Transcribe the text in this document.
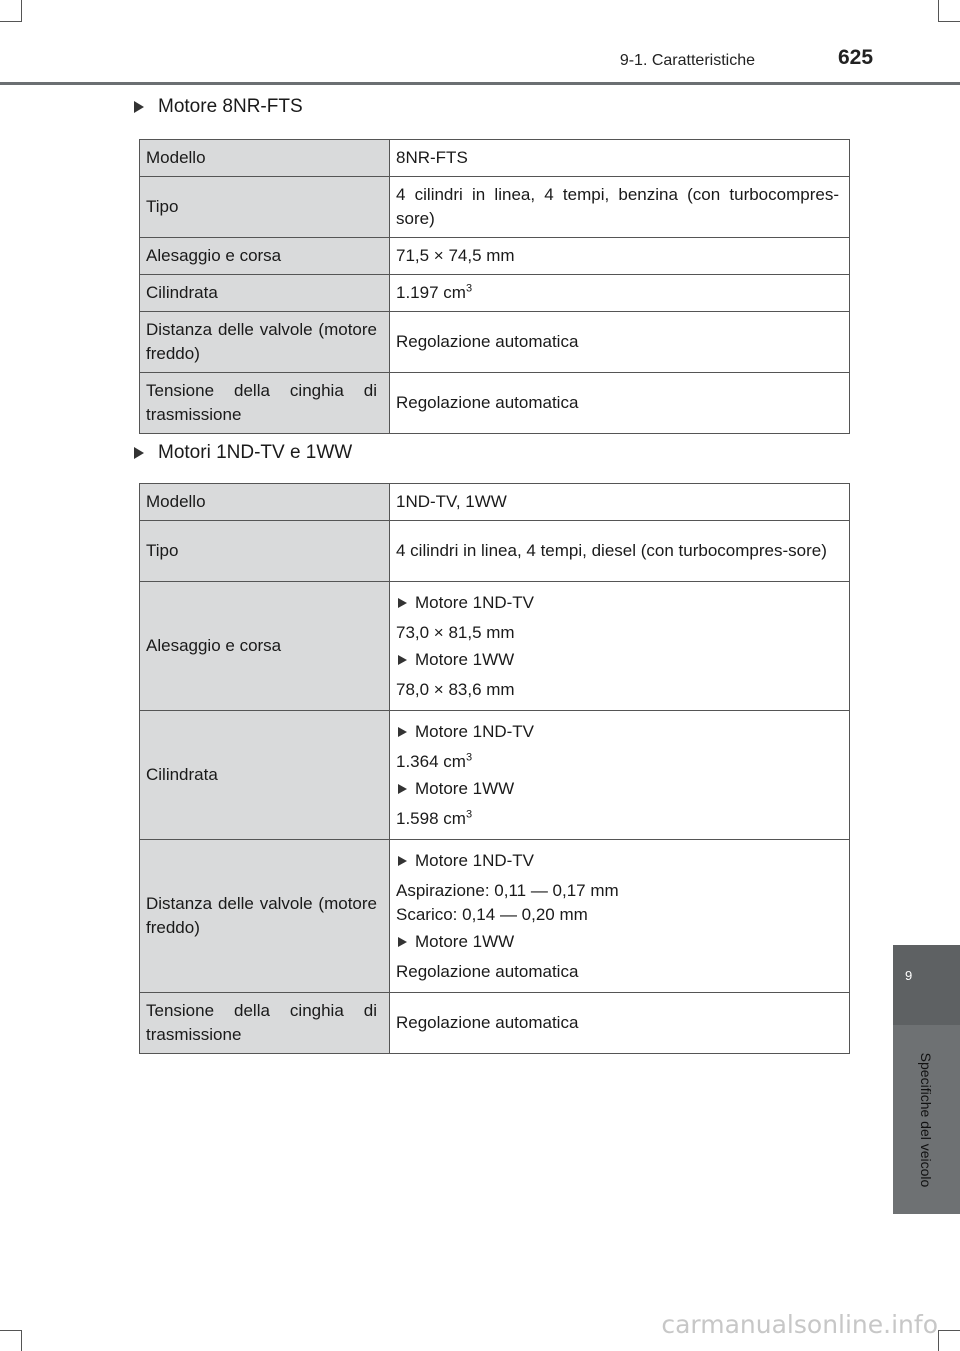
9-1. Caratteristiche	625
Motore 8NR-FTS
Modello	8NR-FTS
Tipo	4 cilindri in linea, 4 tempi, benzina (con turbocompres-sore)
Alesaggio e corsa	71,5 × 74,5 mm
Cilindrata	1.197 $cm^3$
Distanza delle valvole (motore freddo)	Regolazione automatica
Tensione della cinghia di trasmissione	Regolazione automatica
Motori 1ND-TV e 1WW
Modello	1ND-TV, 1WW
Tipo	4 cilindri in linea, 4 tempi, diesel (con turbocompres-sore)
Alesaggio e corsa	Motore 1ND-TV
73,0 × 81,5 mm
Motore 1WW
78,0 × 83,6 mm

Cilindrata	Motore 1ND-TV
1.364 $cm^3$
Motore 1WW
1.598 $cm^3$

Distanza delle valvole (motore freddo)	Motore 1ND-TV
Aspirazione: 0,11 — 0,17 mm
Scarico: 0,14 — 0,20 mm
Motore 1WW
Regolazione automatica

Tensione della cinghia di trasmissione	Regolazione automatica
9
Specifiche del veicolo
carmanualsonline.info
